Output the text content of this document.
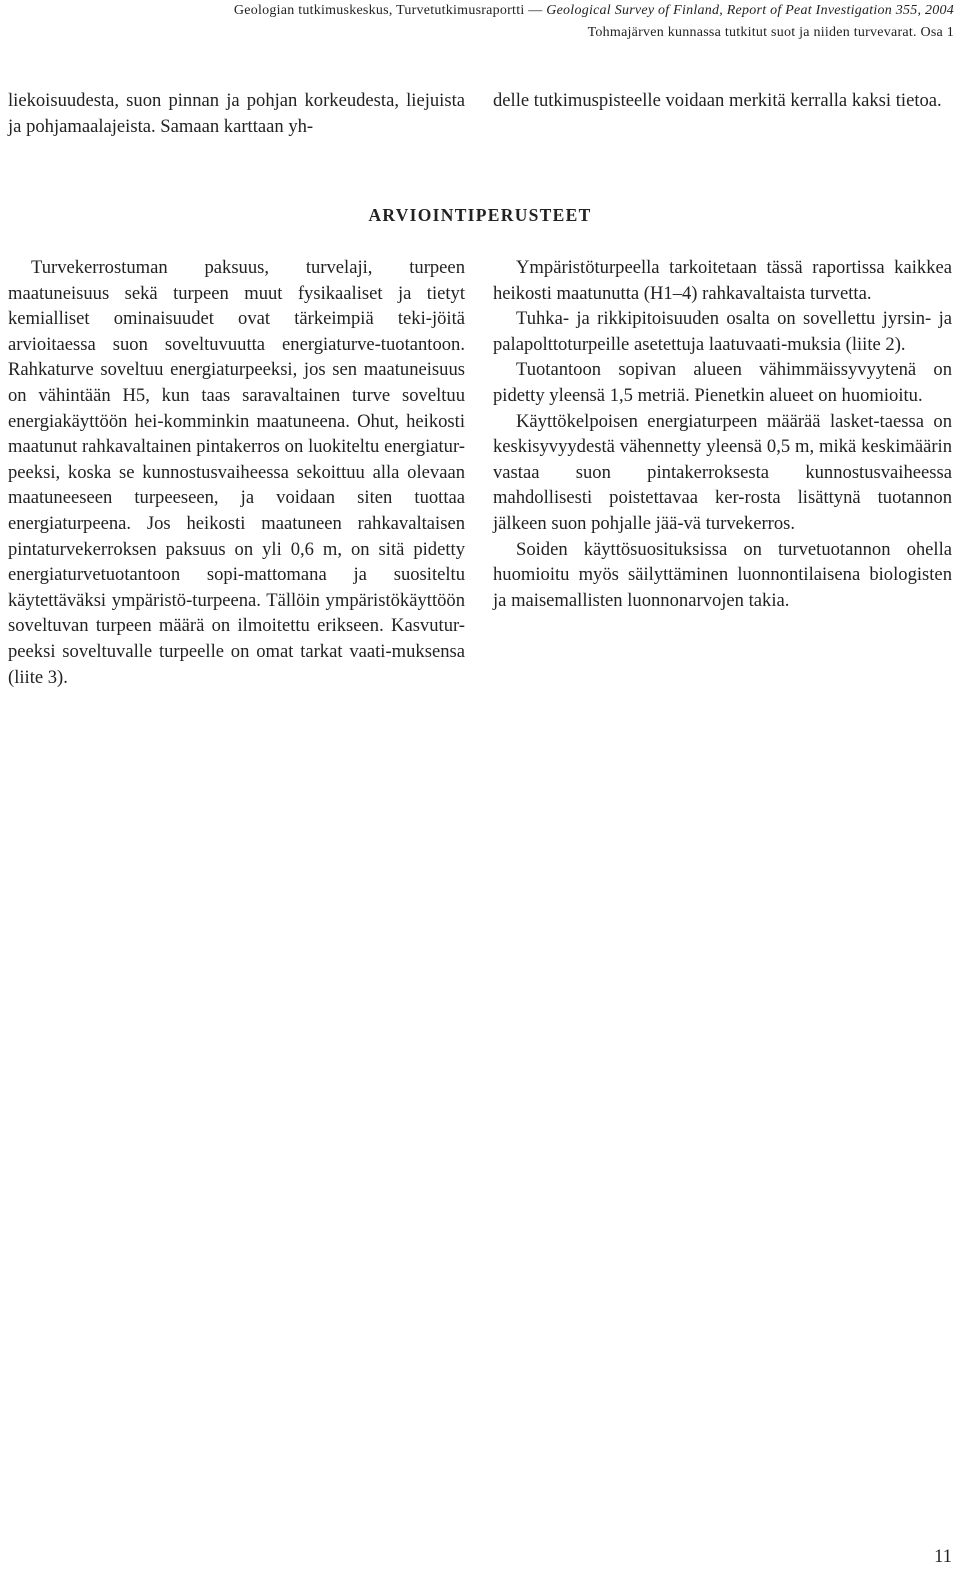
Geologian tutkimuskeskus, Turvetutkimusraportti — Geological Survey of Finland, Report of Peat Investigation 355, 2004
Tohmajärven kunnassa tutkitut suot ja niiden turvevarat. Osa 1

liekoisuudesta, suon pinnan ja pohjan korkeudesta, liejuista ja pohjamaalajeista. Samaan karttaan yh-

delle tutkimuspisteelle voidaan merkitä kerralla kaksi tietoa.

ARVIOINTIPERUSTEET

Turvekerrostuman paksuus, turvelaji, turpeen maatuneisuus sekä turpeen muut fysikaaliset ja tietyt kemialliset ominaisuudet ovat tärkeimpiä teki-jöitä arvioitaessa suon soveltuvuutta energiaturve-tuotantoon. Rahkaturve soveltuu energiaturpeeksi, jos sen maatuneisuus on vähintään H5, kun taas saravaltainen turve soveltuu energiakäyttöön hei-komminkin maatuneena. Ohut, heikosti maatunut rahkavaltainen pintakerros on luokiteltu energiatur-peeksi, koska se kunnostusvaiheessa sekoittuu alla olevaan maatuneeseen turpeeseen, ja voidaan siten tuottaa energiaturpeena. Jos heikosti maatuneen rahkavaltaisen pintaturvekerroksen paksuus on yli 0,6 m, on sitä pidetty energiaturvetuotantoon sopi-mattomana ja suositeltu käytettäväksi ympäristö-turpeena. Tällöin ympäristökäyttöön soveltuvan turpeen määrä on ilmoitettu erikseen. Kasvutur-peeksi soveltuvalle turpeelle on omat tarkat vaati-muksensa (liite 3).

Ympäristöturpeella tarkoitetaan tässä raportissa kaikkea heikosti maatunutta (H1–4) rahkavaltaista turvetta.

Tuhka- ja rikkipitoisuuden osalta on sovellettu jyrsin- ja palapolttoturpeille asetettuja laatuvaati-muksia (liite 2).

Tuotantoon sopivan alueen vähimmäissyvyytenä on pidetty yleensä 1,5 metriä. Pienetkin alueet on huomioitu.

Käyttökelpoisen energiaturpeen määrää lasket-taessa on keskisyvyydestä vähennetty yleensä 0,5 m, mikä keskimäärin vastaa suon pintakerroksesta kunnostusvaiheessa mahdollisesti poistettavaa ker-rosta lisättynä tuotannon jälkeen suon pohjalle jää-vä turvekerros.

Soiden käyttösuosituksissa on turvetuotannon ohella huomioitu myös säilyttäminen luonnontilaisena biologisten ja maisemallisten luonnonarvojen takia.

11
